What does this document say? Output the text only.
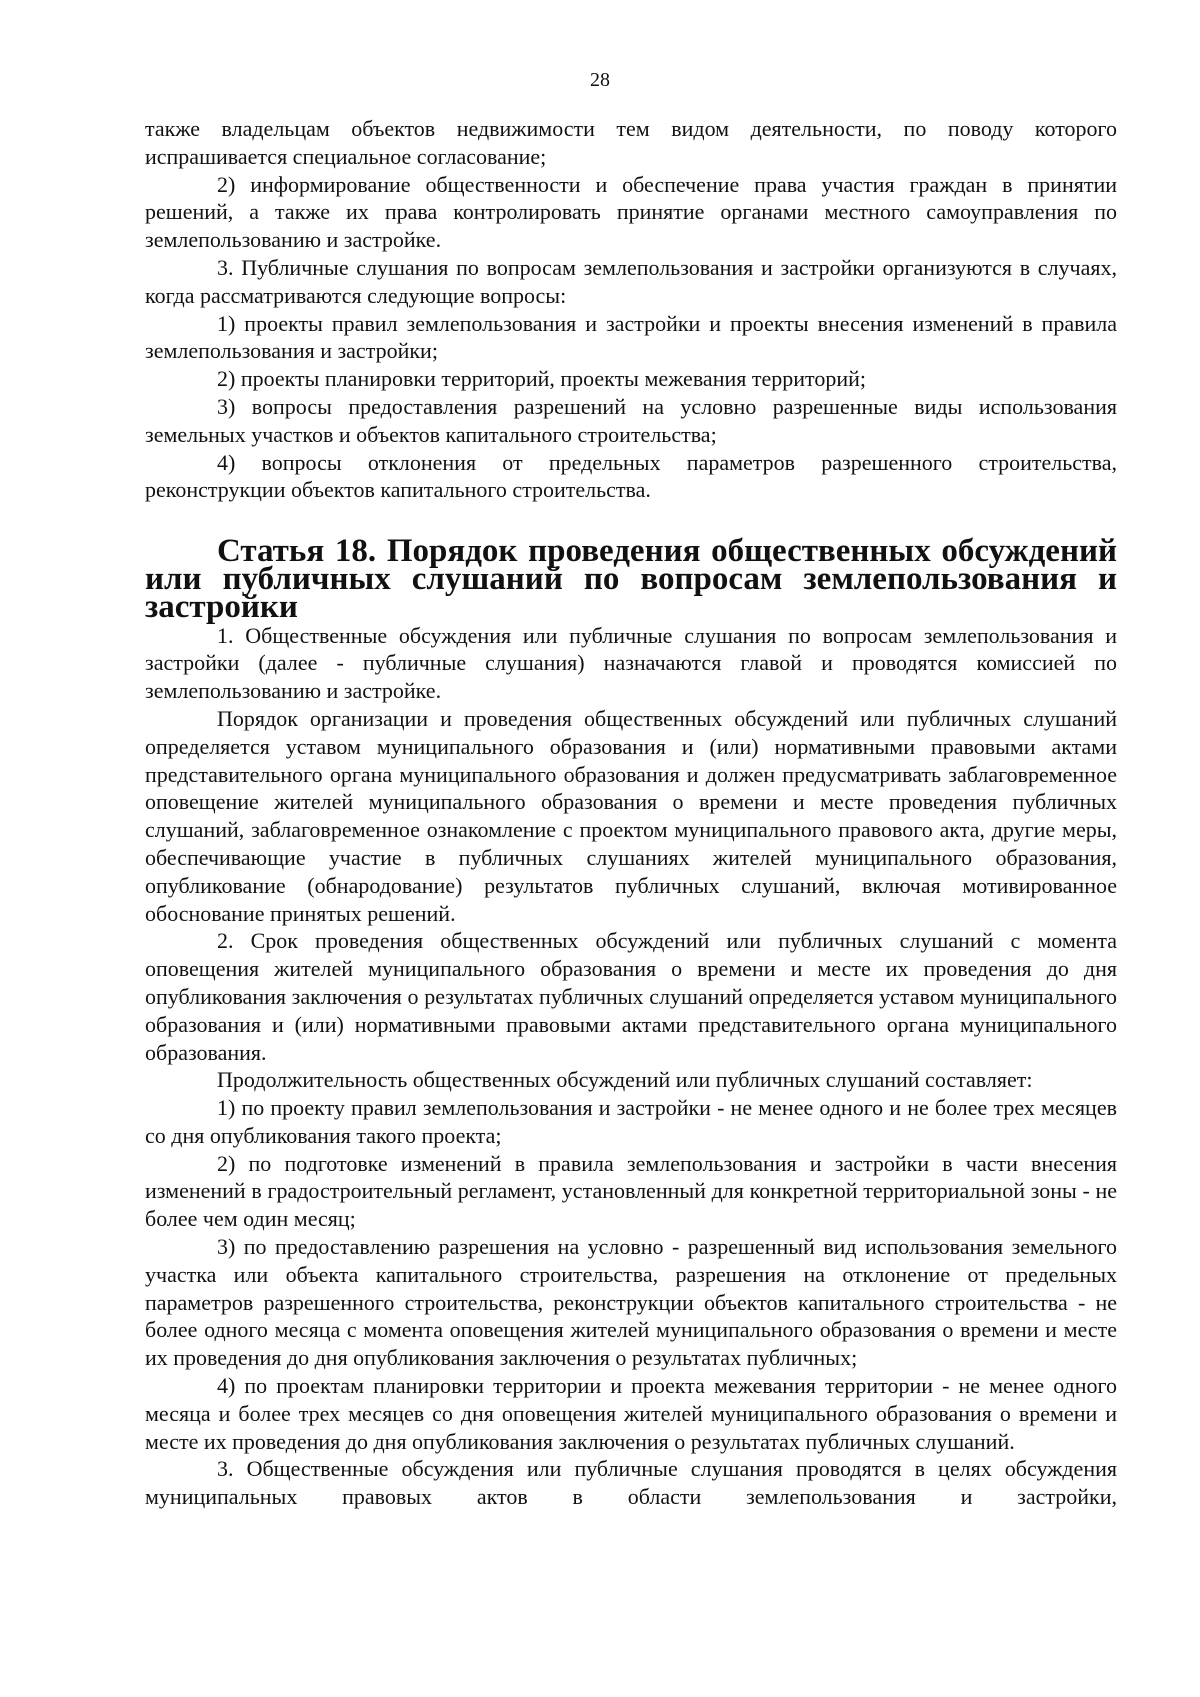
28

также владельцам объектов недвижимости тем видом деятельности, по поводу которого испрашивается специальное согласование;

2) информирование общественности и обеспечение права участия граждан в принятии решений, а также их права контролировать принятие органами местного самоуправления по землепользованию и застройке.

3. Публичные слушания по вопросам землепользования и застройки организуются в случаях, когда рассматриваются следующие вопросы:

1) проекты правил землепользования и застройки и проекты внесения изменений в правила землепользования и застройки;

2) проекты планировки территорий, проекты межевания территорий;

3) вопросы предоставления разрешений на условно разрешенные виды использования земельных участков и объектов капитального строительства;

4) вопросы отклонения от предельных параметров разрешенного строительства, реконструкции объектов капитального строительства.

Статья 18. Порядок проведения общественных обсуждений или публичных слушаний по вопросам землепользования и застройки

1. Общественные обсуждения или публичные слушания по вопросам землепользования и застройки (далее - публичные слушания) назначаются главой и проводятся комиссией по землепользованию и застройке.

Порядок организации и проведения общественных обсуждений или публичных слушаний определяется уставом муниципального образования и (или) нормативными правовыми актами представительного органа муниципального образования и должен предусматривать заблаговременное оповещение жителей муниципального образования о времени и месте проведения публичных слушаний, заблаговременное ознакомление с проектом муниципального правового акта, другие меры, обеспечивающие участие в публичных слушаниях жителей муниципального образования, опубликование (обнародование) результатов публичных слушаний, включая мотивированное обоснование принятых решений.

2. Срок проведения общественных обсуждений или публичных слушаний с момента оповещения жителей муниципального образования о времени и месте их проведения до дня опубликования заключения о результатах публичных слушаний определяется уставом муниципального образования и (или) нормативными правовыми актами представительного органа муниципального образования.

Продолжительность общественных обсуждений или публичных слушаний составляет:

1) по проекту правил землепользования и застройки - не менее одного и не более трех месяцев со дня опубликования такого проекта;

2) по подготовке изменений в правила землепользования и застройки в части внесения изменений в градостроительный регламент, установленный для конкретной территориальной зоны - не более чем один месяц;

3) по предоставлению разрешения на условно - разрешенный вид использования земельного участка или объекта капитального строительства, разрешения на отклонение от предельных параметров разрешенного строительства, реконструкции объектов капитального строительства - не более одного месяца с момента оповещения жителей муниципального образования о времени и месте их проведения до дня опубликования заключения о результатах публичных;

4) по проектам планировки территории и проекта межевания территории - не менее одного месяца и более трех месяцев со дня оповещения жителей муниципального образования о времени и месте их проведения до дня опубликования заключения о результатах публичных слушаний.

3. Общественные обсуждения или публичные слушания проводятся в целях обсуждения муниципальных правовых актов в области землепользования и застройки,
